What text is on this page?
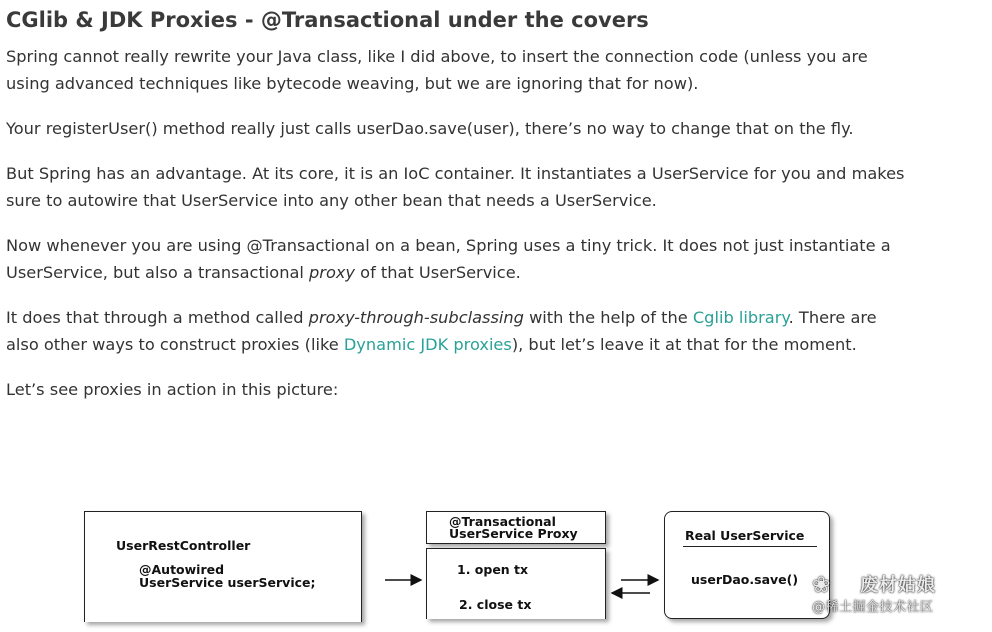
CGlib & JDK Proxies - @Transactional under the covers

Spring cannot really rewrite your Java class, like I did above, to insert the connection code (unless you are using advanced techniques like bytecode weaving, but we are ignoring that for now).

Your registerUser() method really just calls userDao.save(user), there’s no way to change that on the fly.

But Spring has an advantage. At its core, it is an IoC container. It instantiates a UserService for you and makes sure to autowire that UserService into any other bean that needs a UserService.

Now whenever you are using @Transactional on a bean, Spring uses a tiny trick. It does not just instantiate a UserService, but also a transactional proxy of that UserService.

It does that through a method called proxy-through-subclassing with the help of the Cglib library. There are also other ways to construct proxies (like Dynamic JDK proxies), but let’s leave it at that for the moment.

Let’s see proxies in action in this picture:

UserRestController
@Autowired
UserService userService;
@Transactional
UserService Proxy
1. open tx
2. close tx
Real UserService
userDao.save() ❀ 废材姑娘
@稀土掘金技术社区
